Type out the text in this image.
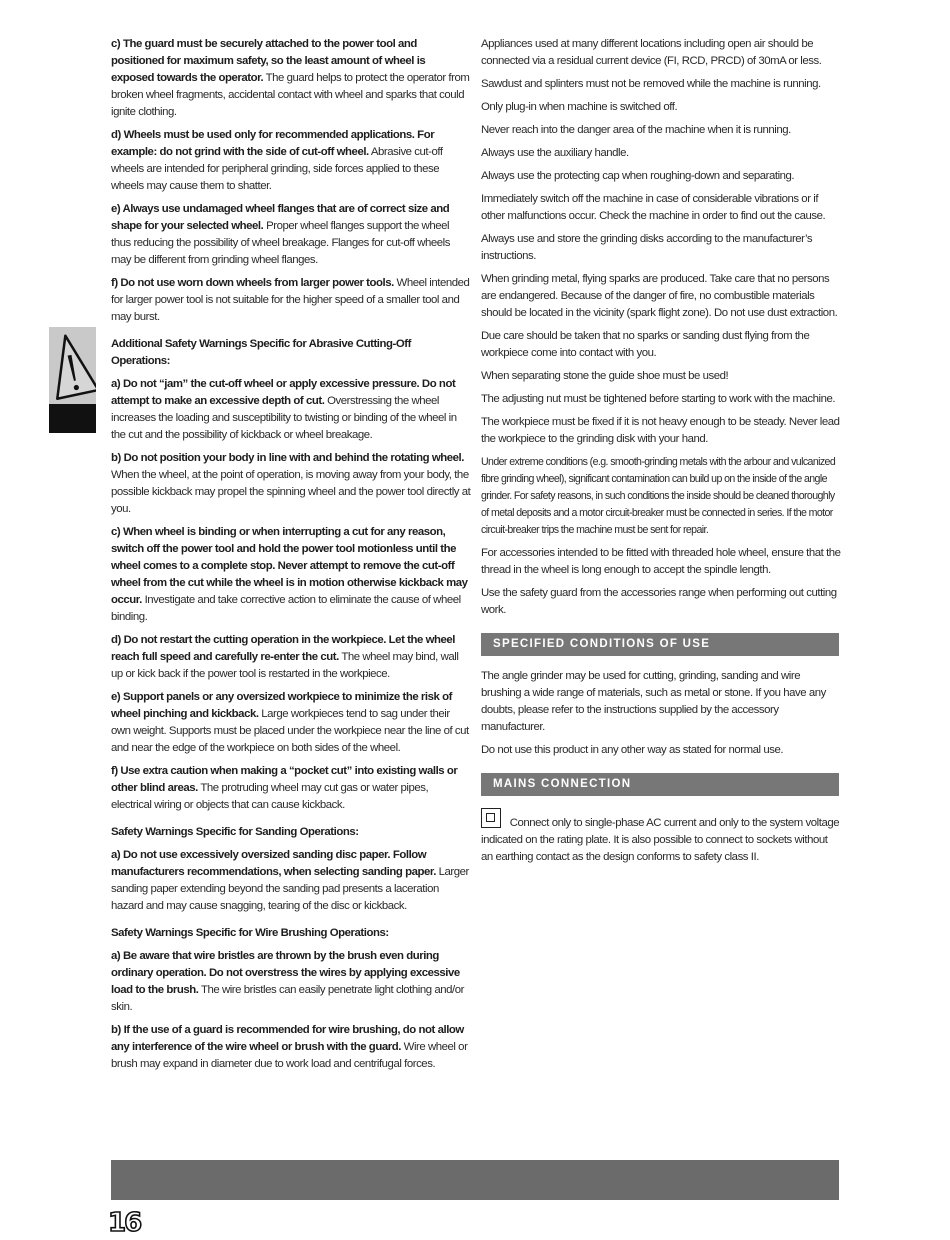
c) The guard must be securely attached to the power tool and positioned for maximum safety, so the least amount of wheel is exposed towards the operator. The guard helps to protect the operator from broken wheel fragments, accidental contact with wheel and sparks that could ignite clothing.

d) Wheels must be used only for recommended applications. For example: do not grind with the side of cut-off wheel. Abrasive cut-off wheels are intended for peripheral grinding, side forces applied to these wheels may cause them to shatter.

e) Always use undamaged wheel flanges that are of correct size and shape for your selected wheel. Proper wheel flanges support the wheel thus reducing the possibility of wheel breakage. Flanges for cut-off wheels may be different from grinding wheel flanges.

f) Do not use worn down wheels from larger power tools. Wheel intended for larger power tool is not suitable for the higher speed of a smaller tool and may burst.

Additional Safety Warnings Specific for Abrasive Cutting-Off Operations:

a) Do not “jam” the cut-off wheel or apply excessive pressure. Do not attempt to make an excessive depth of cut. Overstressing the wheel increases the loading and susceptibility to twisting or binding of the wheel in the cut and the possibility of kickback or wheel breakage.

b) Do not position your body in line with and behind the rotating wheel. When the wheel, at the point of operation, is moving away from your body, the possible kickback may propel the spinning wheel and the power tool directly at you.

c) When wheel is binding or when interrupting a cut for any reason, switch off the power tool and hold the power tool motionless until the wheel comes to a complete stop. Never attempt to remove the cut-off wheel from the cut while the wheel is in motion otherwise kickback may occur. Investigate and take corrective action to eliminate the cause of wheel binding.

d) Do not restart the cutting operation in the workpiece. Let the wheel reach full speed and carefully re-enter the cut. The wheel may bind, wall up or kick back if the power tool is restarted in the workpiece.

e) Support panels or any oversized workpiece to minimize the risk of wheel pinching and kickback. Large workpieces tend to sag under their own weight. Supports must be placed under the workpiece near the line of cut and near the edge of the workpiece on both sides of the wheel.

f) Use extra caution when making a “pocket cut” into existing walls or other blind areas. The protruding wheel may cut gas or water pipes, electrical wiring or objects that can cause kickback.

Safety Warnings Specific for Sanding Operations:

a) Do not use excessively oversized sanding disc paper. Follow manufacturers recommendations, when selecting sanding paper. Larger sanding paper extending beyond the sanding pad presents a laceration hazard and may cause snagging, tearing of the disc or kickback.

Safety Warnings Specific for Wire Brushing Operations:

a) Be aware that wire bristles are thrown by the brush even during ordinary operation. Do not overstress the wires by applying excessive load to the brush. The wire bristles can easily penetrate light clothing and/or skin.

b) If the use of a guard is recommended for wire brushing, do not allow any interference of the wire wheel or brush with the guard. Wire wheel or brush may expand in diameter due to work load and centrifugal forces.

Appliances used at many different locations including open air should be connected via a residual current device (FI, RCD, PRCD) of 30mA or less.

Sawdust and splinters must not be removed while the machine is running.

Only plug-in when machine is switched off.

Never reach into the danger area of the machine when it is running.

Always use the auxiliary handle.

Always use the protecting cap when roughing-down and separating.

Immediately switch off the machine in case of considerable vibrations or if other malfunctions occur. Check the machine in order to find out the cause.

Always use and store the grinding disks according to the manufacturer’s instructions.

When grinding metal, flying sparks are produced. Take care that no persons are endangered. Because of the danger of fire, no combustible materials should be located in the vicinity (spark flight zone). Do not use dust extraction.

Due care should be taken that no sparks or sanding dust flying from the workpiece come into contact with you.

When separating stone the guide shoe must be used!

The adjusting nut must be tightened before starting to work with the machine.

The workpiece must be fixed if it is not heavy enough to be steady. Never lead the workpiece to the grinding disk with your hand.

Under extreme conditions (e.g. smooth-grinding metals with the arbour and vulcanized fibre grinding wheel), significant contamination can build up on the inside of the angle grinder. For safety reasons, in such conditions the inside should be cleaned thoroughly of metal deposits and a motor circuit-breaker must be connected in series. If the motor circuit-breaker trips the machine must be sent for repair.

For accessories intended to be fitted with threaded hole wheel, ensure that the thread in the wheel is long enough to accept the spindle length.

Use the safety guard from the accessories range when performing out cutting work.

SPECIFIED CONDITIONS OF USE

The angle grinder may be used for cutting, grinding, sanding and wire brushing a wide range of materials, such as metal or stone. If you have any doubts, please refer to the instructions supplied by the accessory manufacturer.

Do not use this product in any other way as stated for normal use.

MAINS CONNECTION

Connect only to single-phase AC current and only to the system voltage indicated on the rating plate. It is also possible to connect to sockets without an earthing contact as the design conforms to safety class II.

16
